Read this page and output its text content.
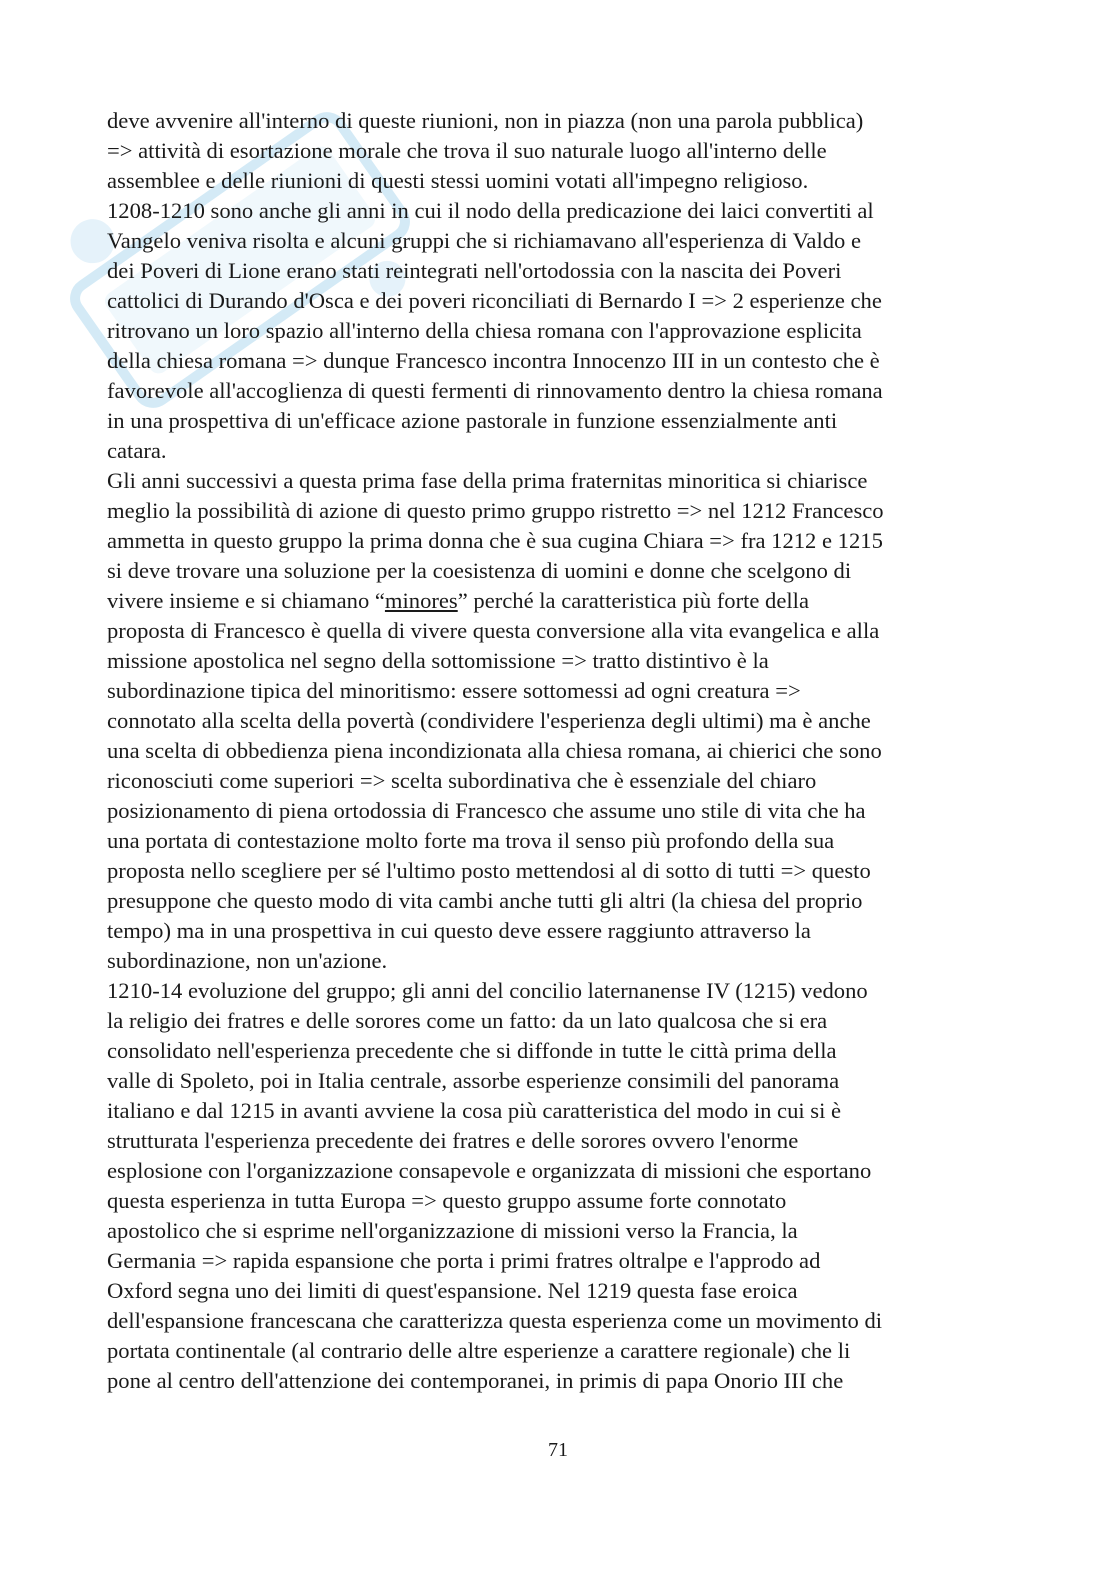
deve avvenire all'interno di queste riunioni, non in piazza (non una parola pubblica)
=> attività di esortazione morale che trova il suo naturale luogo all'interno delle
assemblee e delle riunioni di questi stessi uomini votati all'impegno religioso.
1208-1210 sono anche gli anni in cui il nodo della predicazione dei laici convertiti al
Vangelo veniva risolta e alcuni gruppi che si richiamavano all'esperienza di Valdo e
dei Poveri di Lione erano stati reintegrati nell'ortodossia con la nascita dei Poveri
cattolici di Durando d'Osca e dei poveri riconciliati di Bernardo I => 2 esperienze che
ritrovano un loro spazio all'interno della chiesa romana con l'approvazione esplicita
della chiesa romana => dunque Francesco incontra Innocenzo III in un contesto che è
favorevole all'accoglienza di questi fermenti di rinnovamento dentro la chiesa romana
in una prospettiva di un'efficace azione pastorale in funzione essenzialmente anti
catara.
Gli anni successivi a questa prima fase della prima fraternitas minoritica si chiarisce
meglio la possibilità di azione di questo primo gruppo ristretto => nel 1212 Francesco
ammetta in questo gruppo la prima donna che è sua cugina Chiara => fra 1212 e 1215
si deve trovare una soluzione per la coesistenza di uomini e donne che scelgono di
vivere insieme e si chiamano “minores” perché la caratteristica più forte della
proposta di Francesco è quella di vivere questa conversione alla vita evangelica e alla
missione apostolica nel segno della sottomissione => tratto distintivo è la
subordinazione tipica del minoritismo: essere sottomessi ad ogni creatura =>
connotato alla scelta della povertà (condividere l'esperienza degli ultimi) ma è anche
una scelta di obbedienza piena incondizionata alla chiesa romana, ai chierici che sono
riconosciuti come superiori => scelta subordinativa che è essenziale del chiaro
posizionamento di piena ortodossia di Francesco che assume uno stile di vita che ha
una portata di contestazione molto forte ma trova il senso più profondo della sua
proposta nello scegliere per sé l'ultimo posto mettendosi al di sotto di tutti => questo
presuppone che questo modo di vita cambi anche tutti gli altri (la chiesa del proprio
tempo) ma in una prospettiva in cui questo deve essere raggiunto attraverso la
subordinazione, non un'azione.
1210-14 evoluzione del gruppo; gli anni del concilio laternanense IV (1215) vedono
la religio dei fratres e delle sorores come un fatto: da un lato qualcosa che si era
consolidato nell'esperienza precedente che si diffonde in tutte le città prima della
valle di Spoleto, poi in Italia centrale, assorbe esperienze consimili del panorama
italiano e dal 1215 in avanti avviene la cosa più caratteristica del modo in cui si è
strutturata l'esperienza precedente dei fratres e delle sorores ovvero l'enorme
esplosione con l'organizzazione consapevole e organizzata di missioni che esportano
questa esperienza in tutta Europa => questo gruppo assume forte connotato
apostolico che si esprime nell'organizzazione di missioni verso la Francia, la
Germania => rapida espansione che porta i primi fratres oltralpe e l'approdo ad
Oxford segna uno dei limiti di quest'espansione. Nel 1219 questa fase eroica
dell'espansione francescana che caratterizza questa esperienza come un movimento di
portata continentale (al contrario delle altre esperienze a carattere regionale) che li
pone al centro dell'attenzione dei contemporanei, in primis di papa Onorio III che
71
